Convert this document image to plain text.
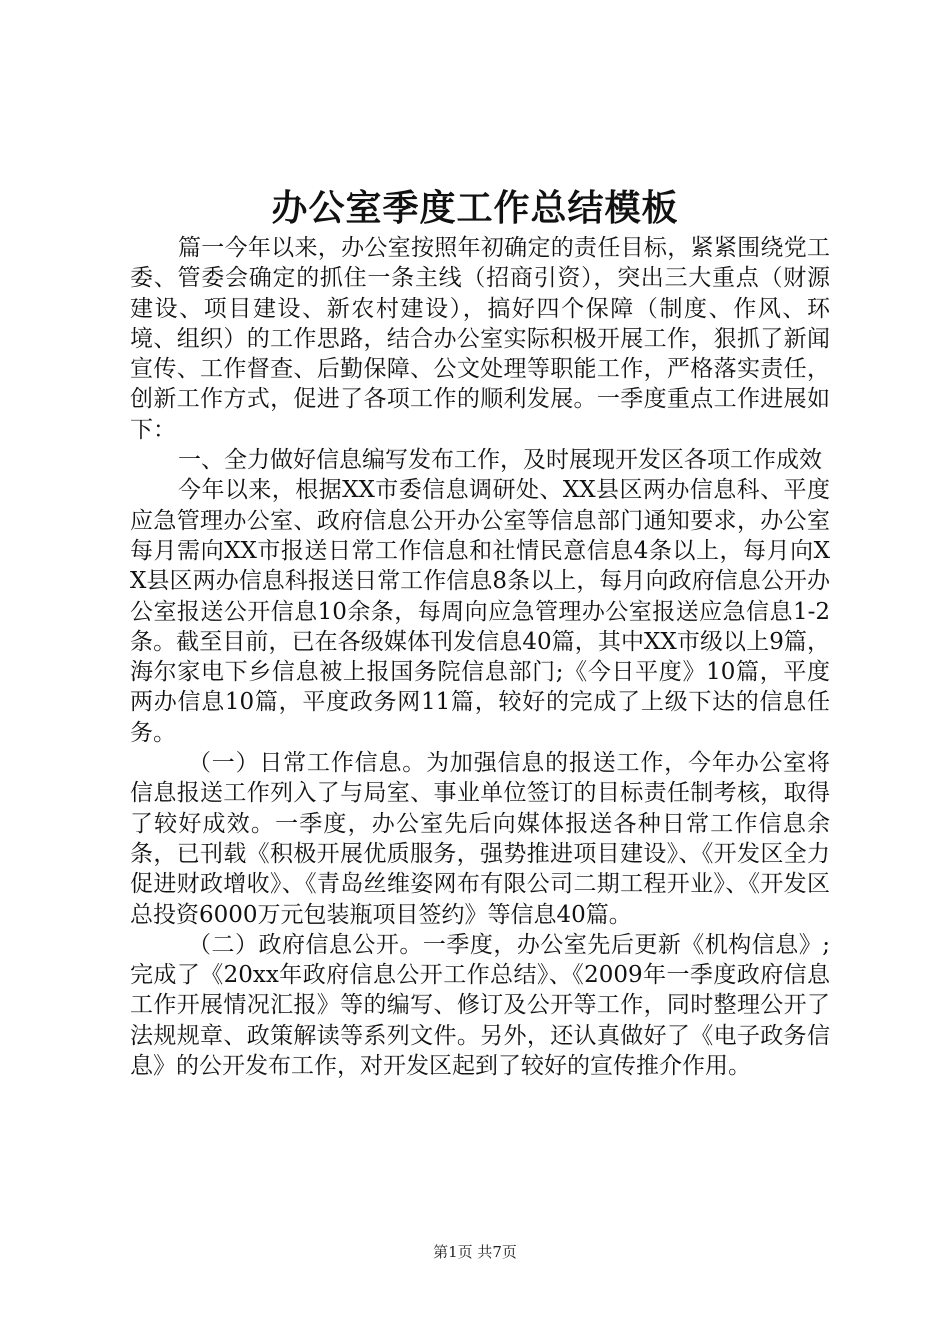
办公室季度工作总结模板

篇一今年以来，办公室按照年初确定的责任目标，紧紧围绕党工委、管委会确定的抓住一条主线（招商引资），突出三大重点（财源建设、项目建设、新农村建设），搞好四个保障（制度、作风、环境、组织）的工作思路，结合办公室实际积极开展工作，狠抓了新闻宣传、工作督查、后勤保障、公文处理等职能工作，严格落实责任，创新工作方式，促进了各项工作的顺利发展。一季度重点工作进展如下：

一、全力做好信息编写发布工作，及时展现开发区各项工作成效

今年以来，根据XX市委信息调研处、XX县区两办信息科、平度应急管理办公室、政府信息公开办公室等信息部门通知要求，办公室每月需向XX市报送日常工作信息和社情民意信息4条以上，每月向XX县区两办信息科报送日常工作信息8条以上，每月向政府信息公开办公室报送公开信息10余条，每周向应急管理办公室报送应急信息1-2条。截至目前，已在各级媒体刊发信息40篇，其中XX市级以上9篇，海尔家电下乡信息被上报国务院信息部门;《今日平度》10篇，平度两办信息10篇，平度政务网11篇，较好的完成了上级下达的信息任务。

（一）日常工作信息。为加强信息的报送工作，今年办公室将信息报送工作列入了与局室、事业单位签订的目标责任制考核，取得了较好成效。一季度，办公室先后向媒体报送各种日常工作信息余条，已刊载《积极开展优质服务，强势推进项目建设》、《开发区全力促进财政增收》、《青岛丝维姿网布有限公司二期工程开业》、《开发区总投资6000万元包装瓶项目签约》等信息40篇。

（二）政府信息公开。一季度，办公室先后更新《机构信息》;完成了《20xx年政府信息公开工作总结》、《2009年一季度政府信息工作开展情况汇报》等的编写、修订及公开等工作，同时整理公开了法规规章、政策解读等系列文件。另外，还认真做好了《电子政务信息》的公开发布工作，对开发区起到了较好的宣传推介作用。

第1页 共7页
